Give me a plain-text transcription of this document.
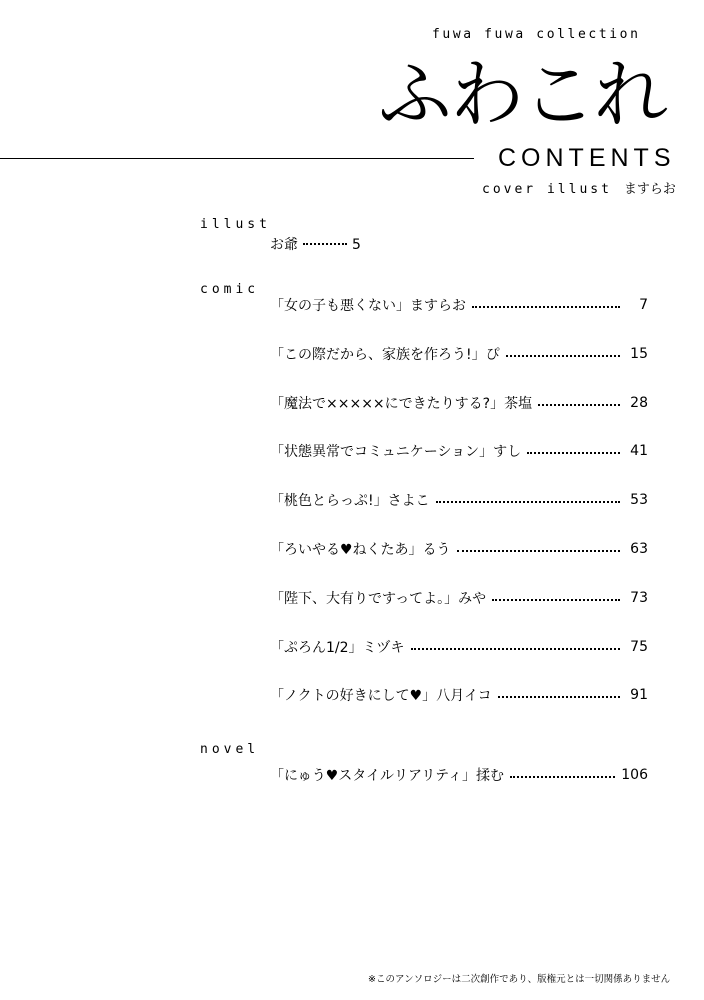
fuwa fuwa collection
ふわこれ
CONTENTS
cover illust ますらお
illust
お爺	5
comic
「女の子も悪くない」ますらお	7
「この際だから、家族を作ろう!」ぴ	15
「魔法で×××××にできたりする?」茶塩	28
「状態異常でコミュニケーション」すし	41
「桃色とらっぷ!」さよこ	53
「ろいやる♥ねくたあ」るう	63
「陛下、大有りですってよ。」みや	73
「ぷろん1/2」ミヅキ	75
「ノクトの好きにして♥」八月イコ	91
novel
「にゅう♥スタイルリアリティ」揉む	106
※このアンソロジーは二次創作であり、版権元とは一切関係ありません
